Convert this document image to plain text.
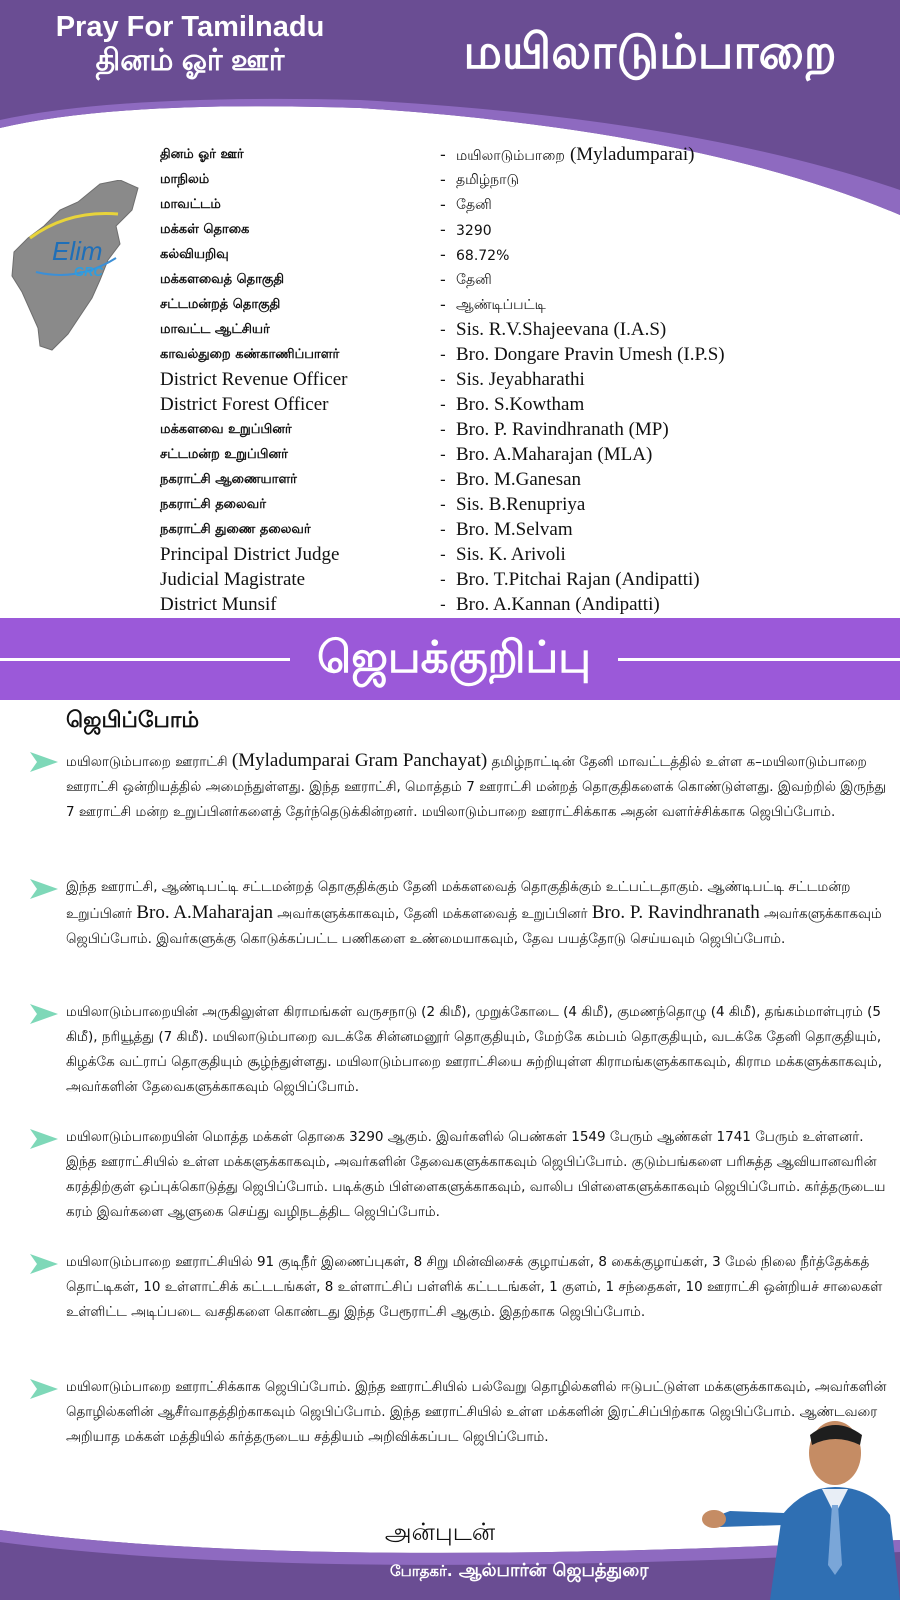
Pray For Tamilnadu
தினம் ஓர் ஊர்	மயிலாடும்பாறை
Elim
GRC
தினம் ஓர் ஊர்	- மயிலாடும்பாறை (Myladumparai)
மாநிலம்	- தமிழ்நாடு
மாவட்டம்	- தேனி
மக்கள் தொகை	- 3290
கல்வியறிவு	- 68.72%
மக்களவைத் தொகுதி	- தேனி
சட்டமன்றத் தொகுதி	- ஆண்டிப்பட்டி
மாவட்ட ஆட்சியர்	- Sis. R.V.Shajeevana (I.A.S)
காவல்துறை கண்காணிப்பாளர்	- Bro. Dongare Pravin Umesh (I.P.S)
District Revenue Officer	- Sis. Jeyabharathi
District Forest Officer	- Bro. S.Kowtham
மக்களவை உறுப்பினர்	- Bro. P. Ravindhranath (MP)
சட்டமன்ற உறுப்பினர்	- Bro. A.Maharajan (MLA)
நகராட்சி ஆணையாளர்	- Bro. M.Ganesan
நகராட்சி தலைவர்	- Sis. B.Renupriya
நகராட்சி துணை தலைவர்	- Bro. M.Selvam
Principal District Judge	- Sis. K. Arivoli
Judicial Magistrate	- Bro. T.Pitchai Rajan (Andipatti)
District Munsif	- Bro. A.Kannan (Andipatti)
ஜெபக்குறிப்பு
ஜெபிப்போம்
மயிலாடும்பாறை ஊராட்சி (Myladumparai Gram Panchayat) தமிழ்நாட்டின் தேனி மாவட்டத்தில் உள்ள க–மயிலாடும்பாறை ஊராட்சி ஒன்றியத்தில் அமைந்துள்ளது. இந்த ஊராட்சி, மொத்தம் 7 ஊராட்சி மன்றத் தொகுதிகளைக் கொண்டுள்ளது. இவற்றில் இருந்து 7 ஊராட்சி மன்ற உறுப்பினர்களைத் தேர்ந்தெடுக்கின்றனர். மயிலாடும்பாறை ஊராட்சிக்காக அதன் வளர்ச்சிக்காக ஜெபிப்போம்.
இந்த ஊராட்சி, ஆண்டிபட்டி சட்டமன்றத் தொகுதிக்கும் தேனி மக்களவைத் தொகுதிக்கும் உட்பட்டதாகும். ஆண்டிபட்டி சட்டமன்ற உறுப்பினர் Bro. A.Maharajan அவர்களுக்காகவும், தேனி மக்களவைத் உறுப்பினர் Bro. P. Ravindhranath அவர்களுக்காகவும் ஜெபிப்போம். இவர்களுக்கு கொடுக்கப்பட்ட பணிகளை உண்மையாகவும், தேவ பயத்தோடு செய்யவும் ஜெபிப்போம்.
மயிலாடும்பாறையின் அருகிலுள்ள கிராமங்கள் வருசநாடு (2 கிமீ), முறுக்கோடை (4 கிமீ), குமணந்தொழு (4 கிமீ), தங்கம்மாள்புரம் (5 கிமீ), நரியூத்து (7 கிமீ). மயிலாடும்பாறை வடக்கே சின்னமனூர் தொகுதியும், மேற்கே கம்பம் தொகுதியும், வடக்கே தேனி தொகுதியும், கிழக்கே வட்ராப் தொகுதியும் சூழ்ந்துள்ளது. மயிலாடும்பாறை ஊராட்சியை சுற்றியுள்ள கிராமங்களுக்காகவும், கிராம மக்களுக்காகவும், அவர்களின் தேவைகளுக்காகவும் ஜெபிப்போம்.
மயிலாடும்பாறையின் மொத்த மக்கள் தொகை 3290 ஆகும். இவர்களில் பெண்கள் 1549 பேரும் ஆண்கள் 1741 பேரும் உள்ளனர். இந்த ஊராட்சியில் உள்ள மக்களுக்காகவும், அவர்களின் தேவைகளுக்காகவும் ஜெபிப்போம். குடும்பங்களை பரிசுத்த ஆவியானவரின் கரத்திற்குள் ஒப்புக்கொடுத்து ஜெபிப்போம். படிக்கும் பிள்ளைகளுக்காகவும், வாலிப பிள்ளைகளுக்காகவும் ஜெபிப்போம். கர்த்தருடைய கரம் இவர்களை ஆளுகை செய்து வழிநடத்திட ஜெபிப்போம்.
மயிலாடும்பாறை ஊராட்சியில் 91 குடிநீர் இணைப்புகள், 8 சிறு மின்விசைக் குழாய்கள், 8 கைக்குழாய்கள், 3 மேல் நிலை நீர்த்தேக்கத் தொட்டிகள், 10 உள்ளாட்சிக் கட்டடங்கள், 8 உள்ளாட்சிப் பள்ளிக் கட்டடங்கள், 1 குளம், 1 சந்தைகள், 10 ஊராட்சி ஒன்றியச் சாலைகள் உள்ளிட்ட அடிப்படை வசதிகளை கொண்டது இந்த பேரூராட்சி ஆகும். இதற்காக ஜெபிப்போம்.
மயிலாடும்பாறை ஊராட்சிக்காக ஜெபிப்போம். இந்த ஊராட்சியில் பல்வேறு தொழில்களில் ஈடுபட்டுள்ள மக்களுக்காகவும், அவர்களின் தொழில்களின் ஆசீர்வாதத்திற்காகவும் ஜெபிப்போம். இந்த ஊராட்சியில் உள்ள மக்களின் இரட்சிப்பிற்காக ஜெபிப்போம். ஆண்டவரை அறியாத மக்கள் மத்தியில் கர்த்தருடைய சத்தியம் அறிவிக்கப்பட ஜெபிப்போம்.
அன்புடன்
போதகர். ஆல்பார்ன் ஜெபத்துரை
